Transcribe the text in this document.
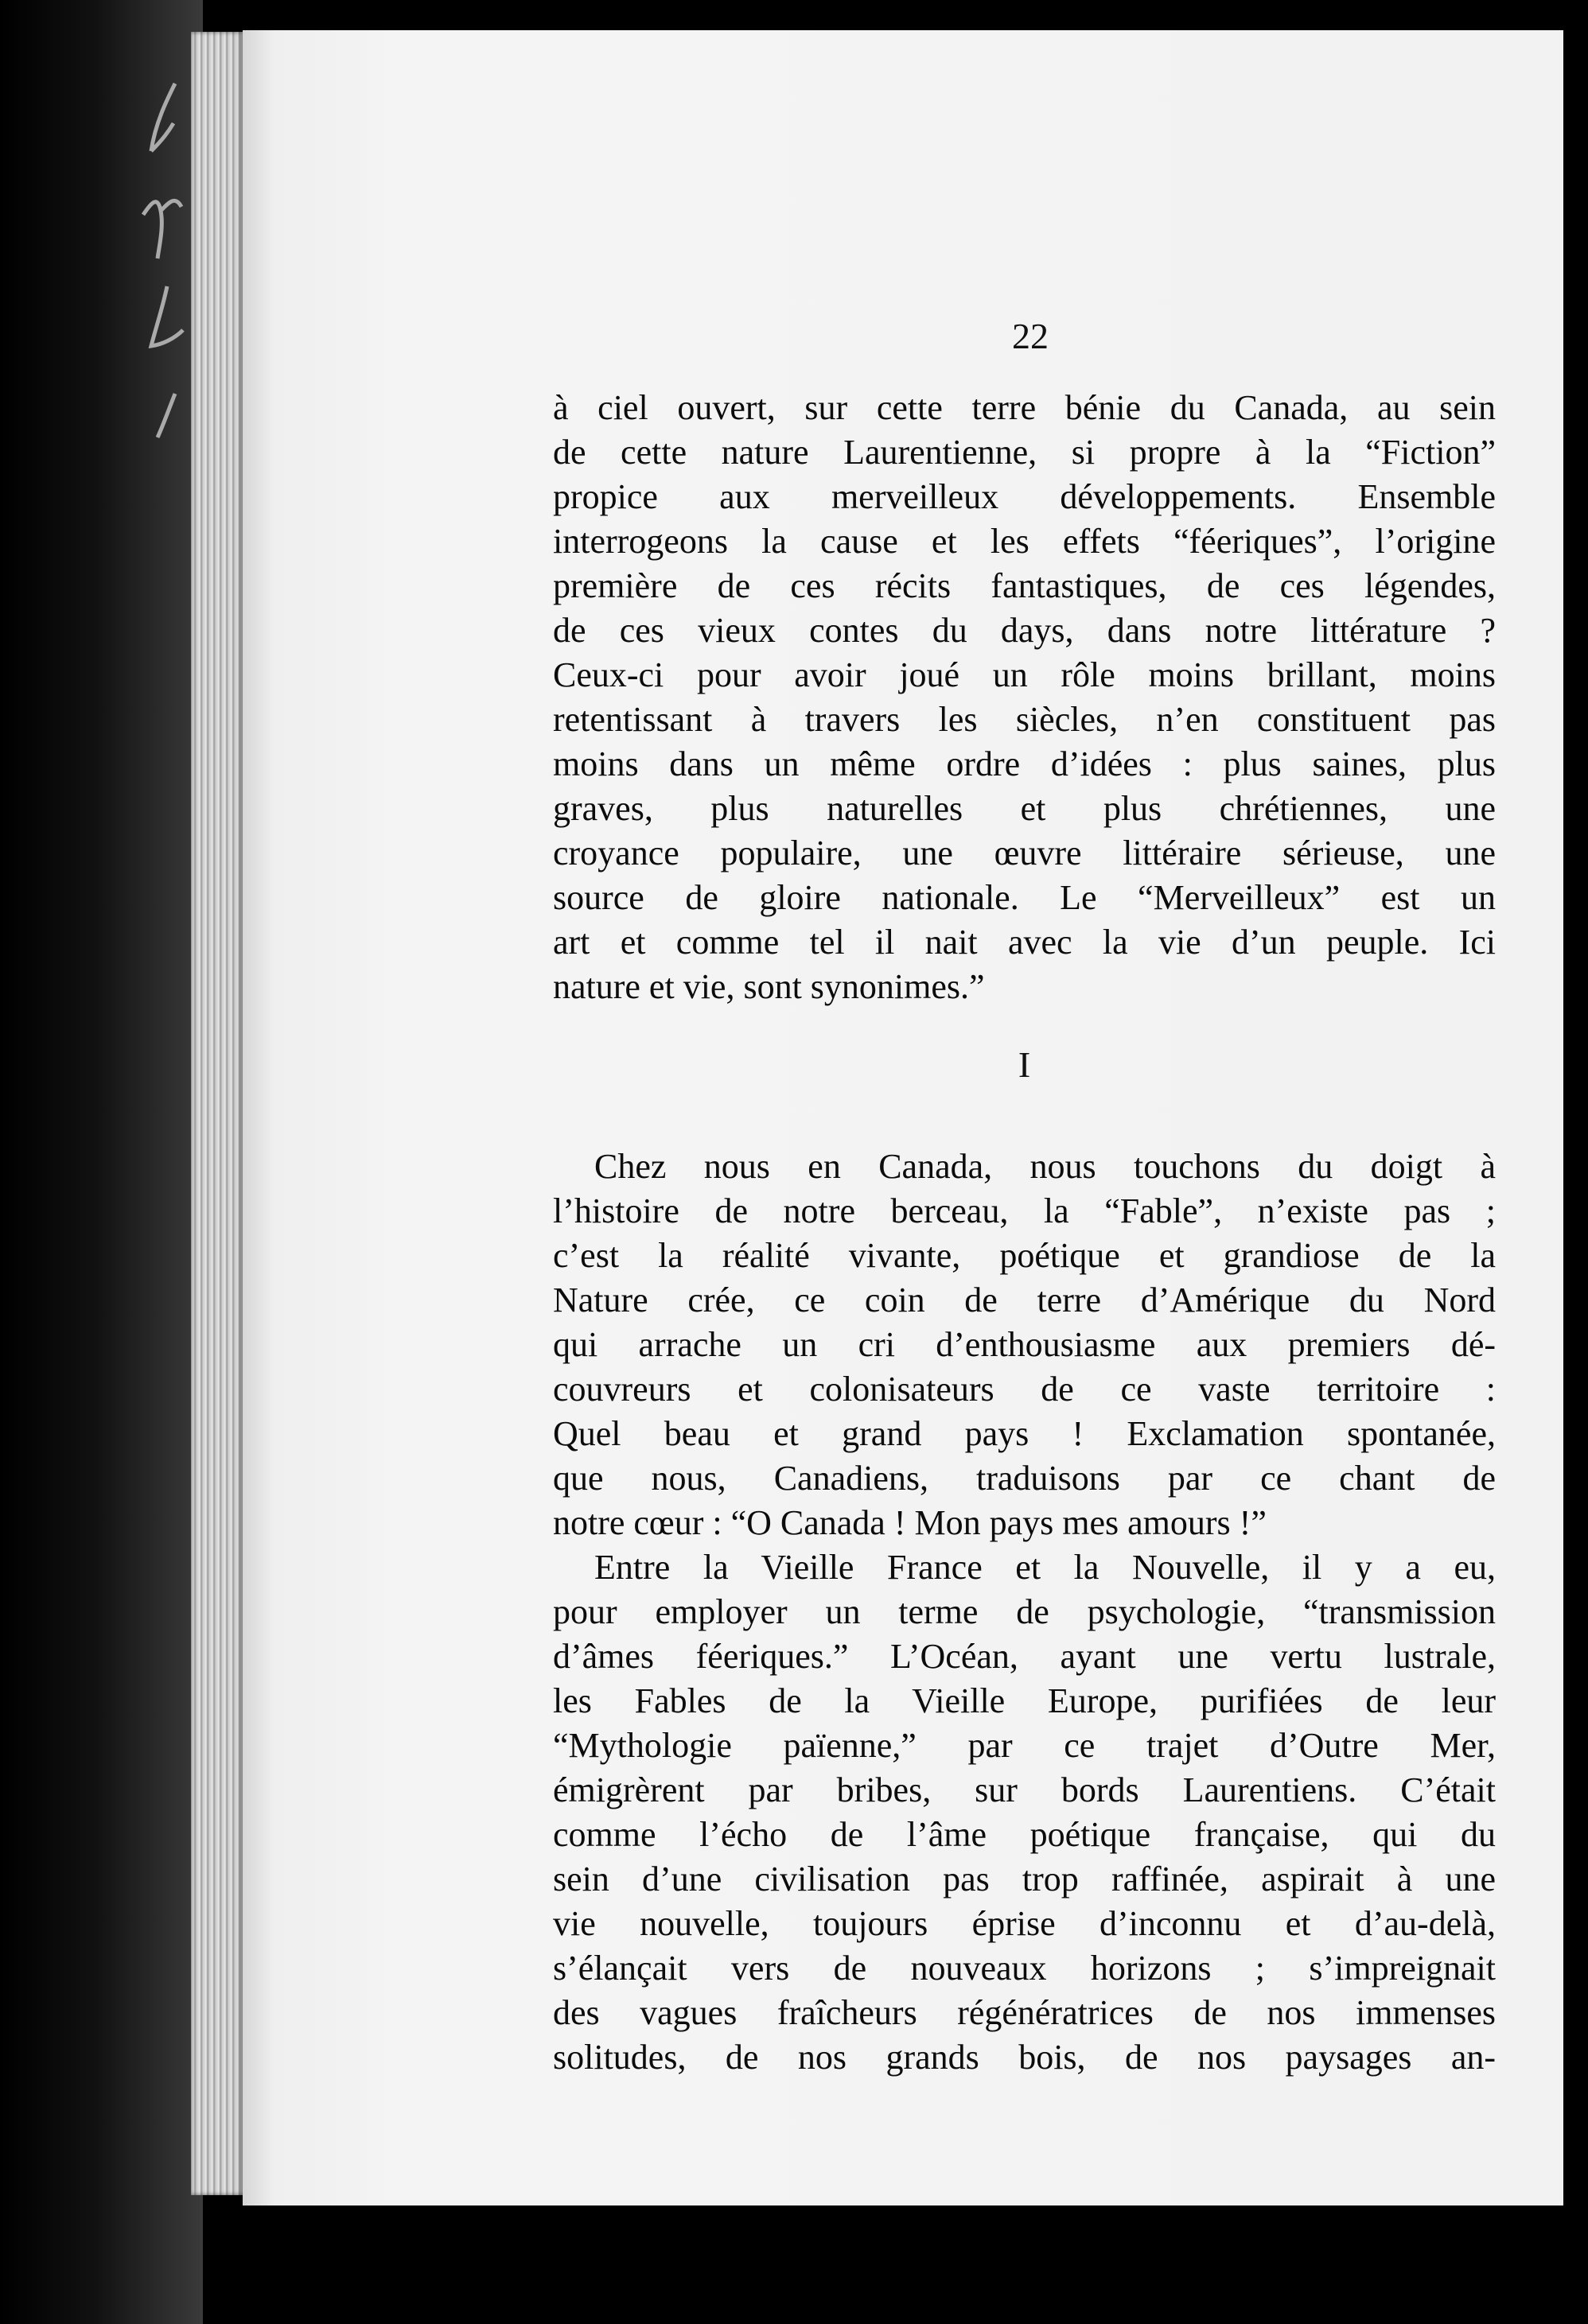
22
à ciel ouvert, sur cette terre bénie du Canada, au sein
de cette nature Laurentienne, si propre à la “Fiction”
propice aux merveilleux développements. Ensemble
interrogeons la cause et les effets “féeriques”, l’origine
première de ces récits fantastiques, de ces légendes,
de ces vieux contes du days, dans notre littérature ?
Ceux-ci pour avoir joué un rôle moins brillant, moins
retentissant à travers les siècles, n’en constituent pas
moins dans un même ordre d’idées : plus saines, plus
graves, plus naturelles et plus chrétiennes, une
croyance populaire, une œuvre littéraire sérieuse, une
source de gloire nationale. Le “Merveilleux” est un
art et comme tel il nait avec la vie d’un peuple. Ici
nature et vie, sont synonimes.”
I
Chez nous en Canada, nous touchons du doigt à
l’histoire de notre berceau, la “Fable”, n’existe pas ;
c’est la réalité vivante, poétique et grandiose de la
Nature crée, ce coin de terre d’Amérique du Nord
qui arrache un cri d’enthousiasme aux premiers dé-
couvreurs et colonisateurs de ce vaste territoire :
Quel beau et grand pays ! Exclamation spontanée,
que nous, Canadiens, traduisons par ce chant de
notre cœur : “O Canada ! Mon pays mes amours !”
Entre la Vieille France et la Nouvelle, il y a eu,
pour employer un terme de psychologie, “transmission
d’âmes féeriques.” L’Océan, ayant une vertu lustrale,
les Fables de la Vieille Europe, purifiées de leur
“Mythologie païenne,” par ce trajet d’Outre Mer,
émigrèrent par bribes, sur bords Laurentiens. C’était
comme l’écho de l’âme poétique française, qui du
sein d’une civilisation pas trop raffinée, aspirait à une
vie nouvelle, toujours éprise d’inconnu et d’au-delà,
s’élançait vers de nouveaux horizons ; s’impreignait
des vagues fraîcheurs régénératrices de nos immenses
solitudes, de nos grands bois, de nos paysages an-
